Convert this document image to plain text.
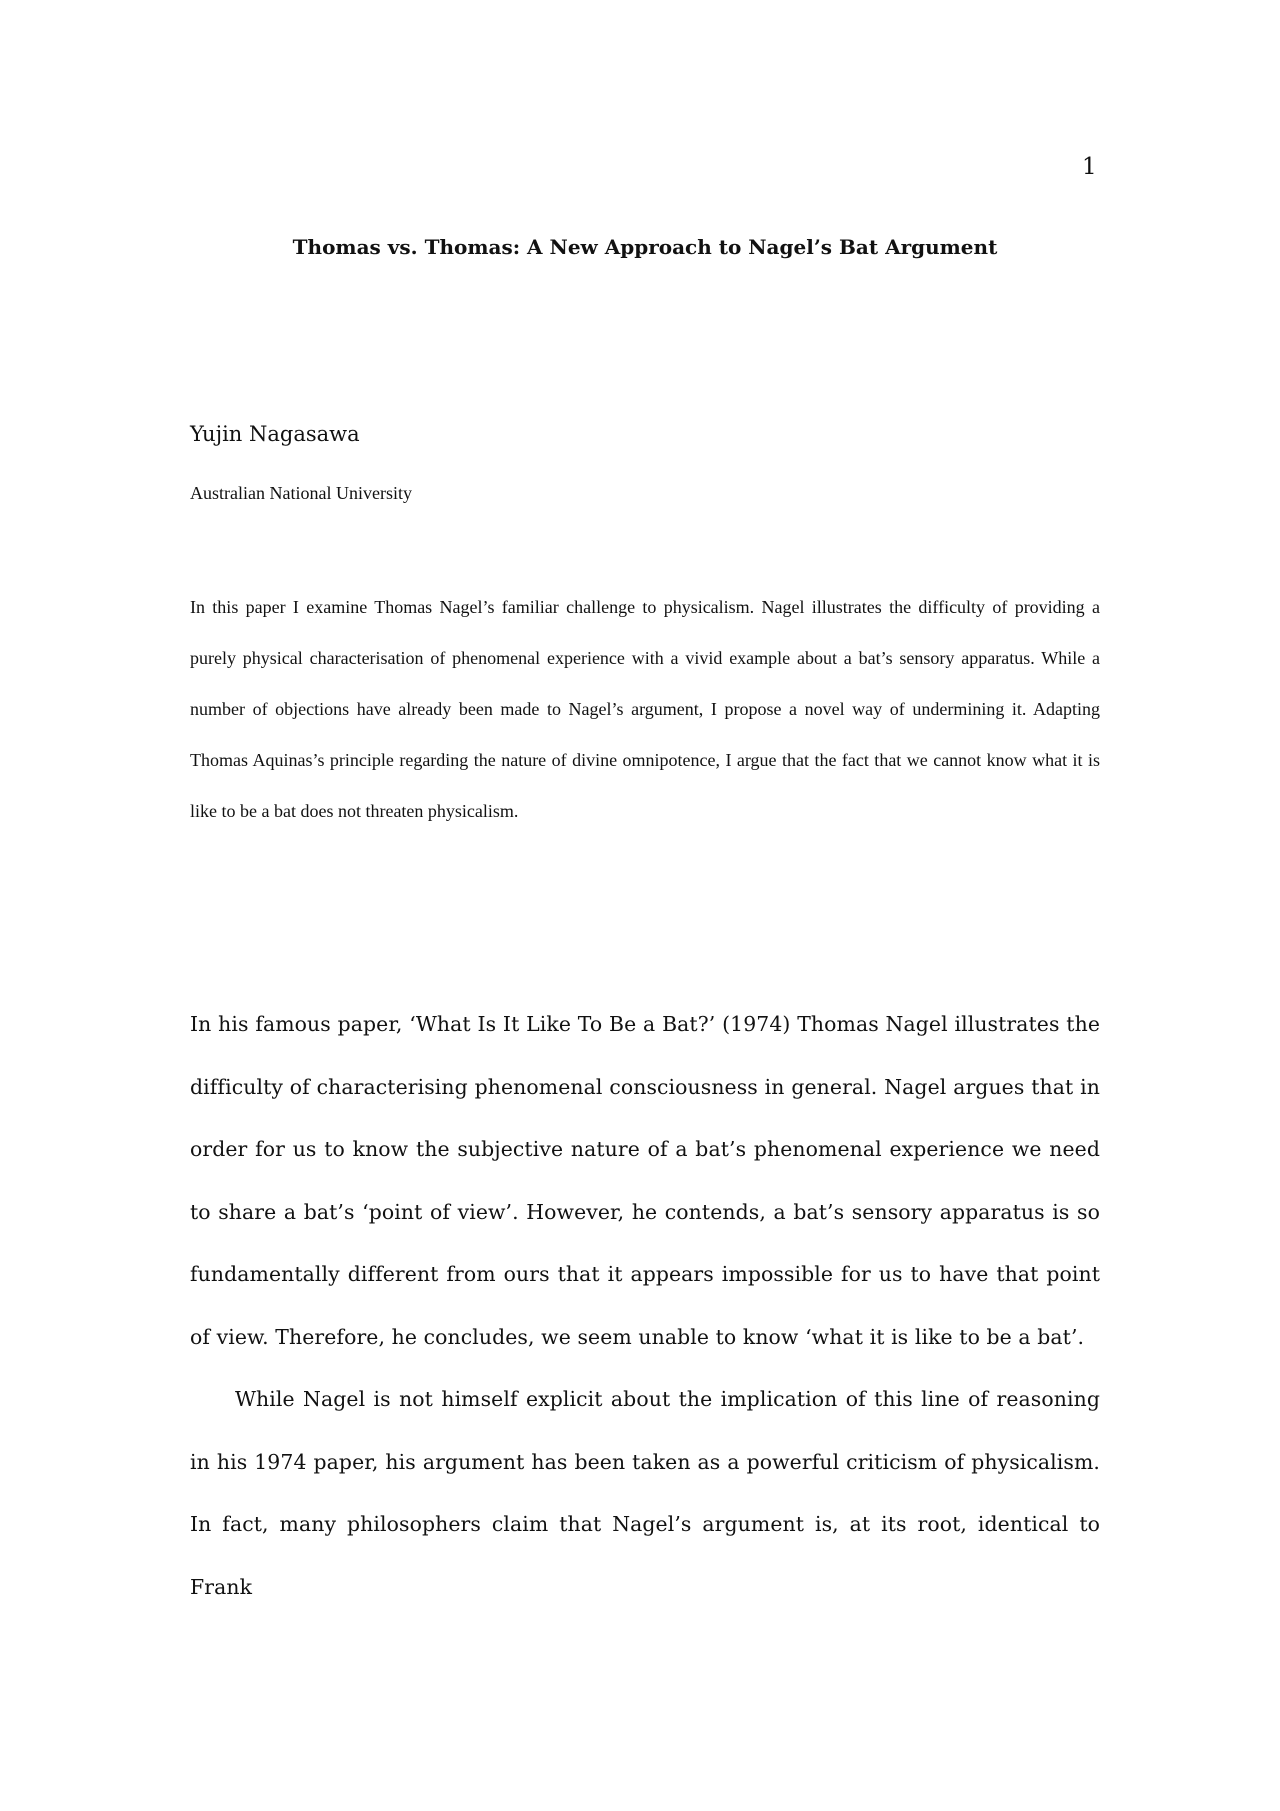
1
Thomas vs. Thomas: A New Approach to Nagel’s Bat Argument
Yujin Nagasawa
Australian National University

In this paper I examine Thomas Nagel’s familiar challenge to physicalism. Nagel illustrates the difficulty of providing a purely physical characterisation of phenomenal experience with a vivid example about a bat’s sensory apparatus. While a number of objections have already been made to Nagel’s argument, I propose a novel way of undermining it. Adapting Thomas Aquinas’s principle regarding the nature of divine omnipotence, I argue that the fact that we cannot know what it is like to be a bat does not threaten physicalism.

In his famous paper, ‘What Is It Like To Be a Bat?’ (1974) Thomas Nagel illustrates the difficulty of characterising phenomenal consciousness in general. Nagel argues that in order for us to know the subjective nature of a bat’s phenomenal experience we need to share a bat’s ‘point of view’. However, he contends, a bat’s sensory apparatus is so fundamentally different from ours that it appears impossible for us to have that point of view. Therefore, he concludes, we seem unable to know ‘what it is like to be a bat’.

While Nagel is not himself explicit about the implication of this line of reasoning in his 1974 paper, his argument has been taken as a powerful criticism of physicalism. In fact, many philosophers claim that Nagel’s argument is, at its root, identical to Frank
